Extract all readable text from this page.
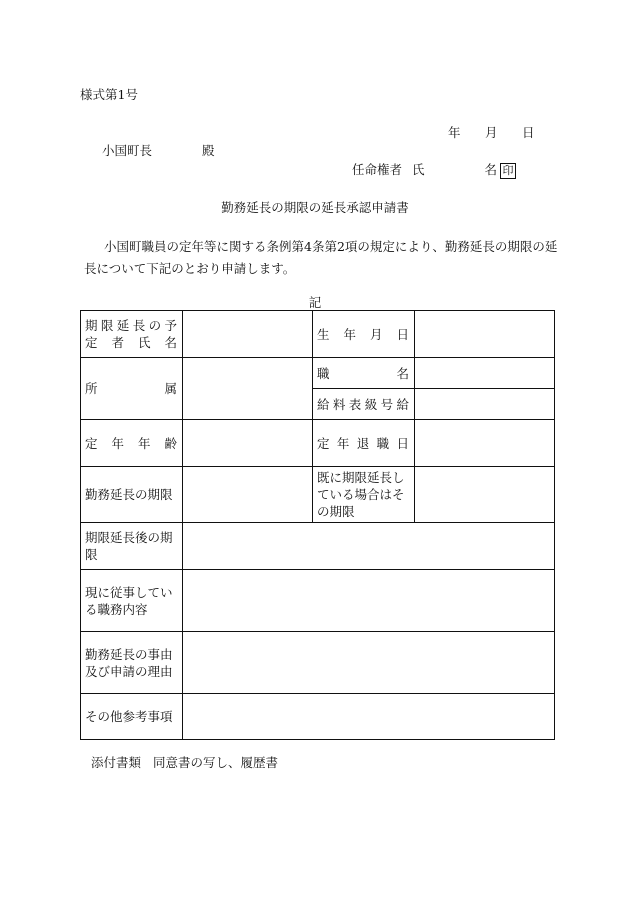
様式第1号
年 月 日
小国町長	殿
任命権者 氏	名 印
勤務延長の期限の延長承認申請書

小国町職員の定年等に関する条例第4条第2項の規定により、勤務延長の期限の延長について下記のとおり申請します。

記
期限延長の予定者氏名		生年月日	

所属		職名	

		給料表級号給	

定年年齢		定年退職日	

勤務延長の期限		既に期限延長している場合はその期限	

期限延長後の期限			

現に従事している職務内容			

勤務延長の事由及び申請の理由			

その他参考事項			

添付書類 同意書の写し、履歴書
